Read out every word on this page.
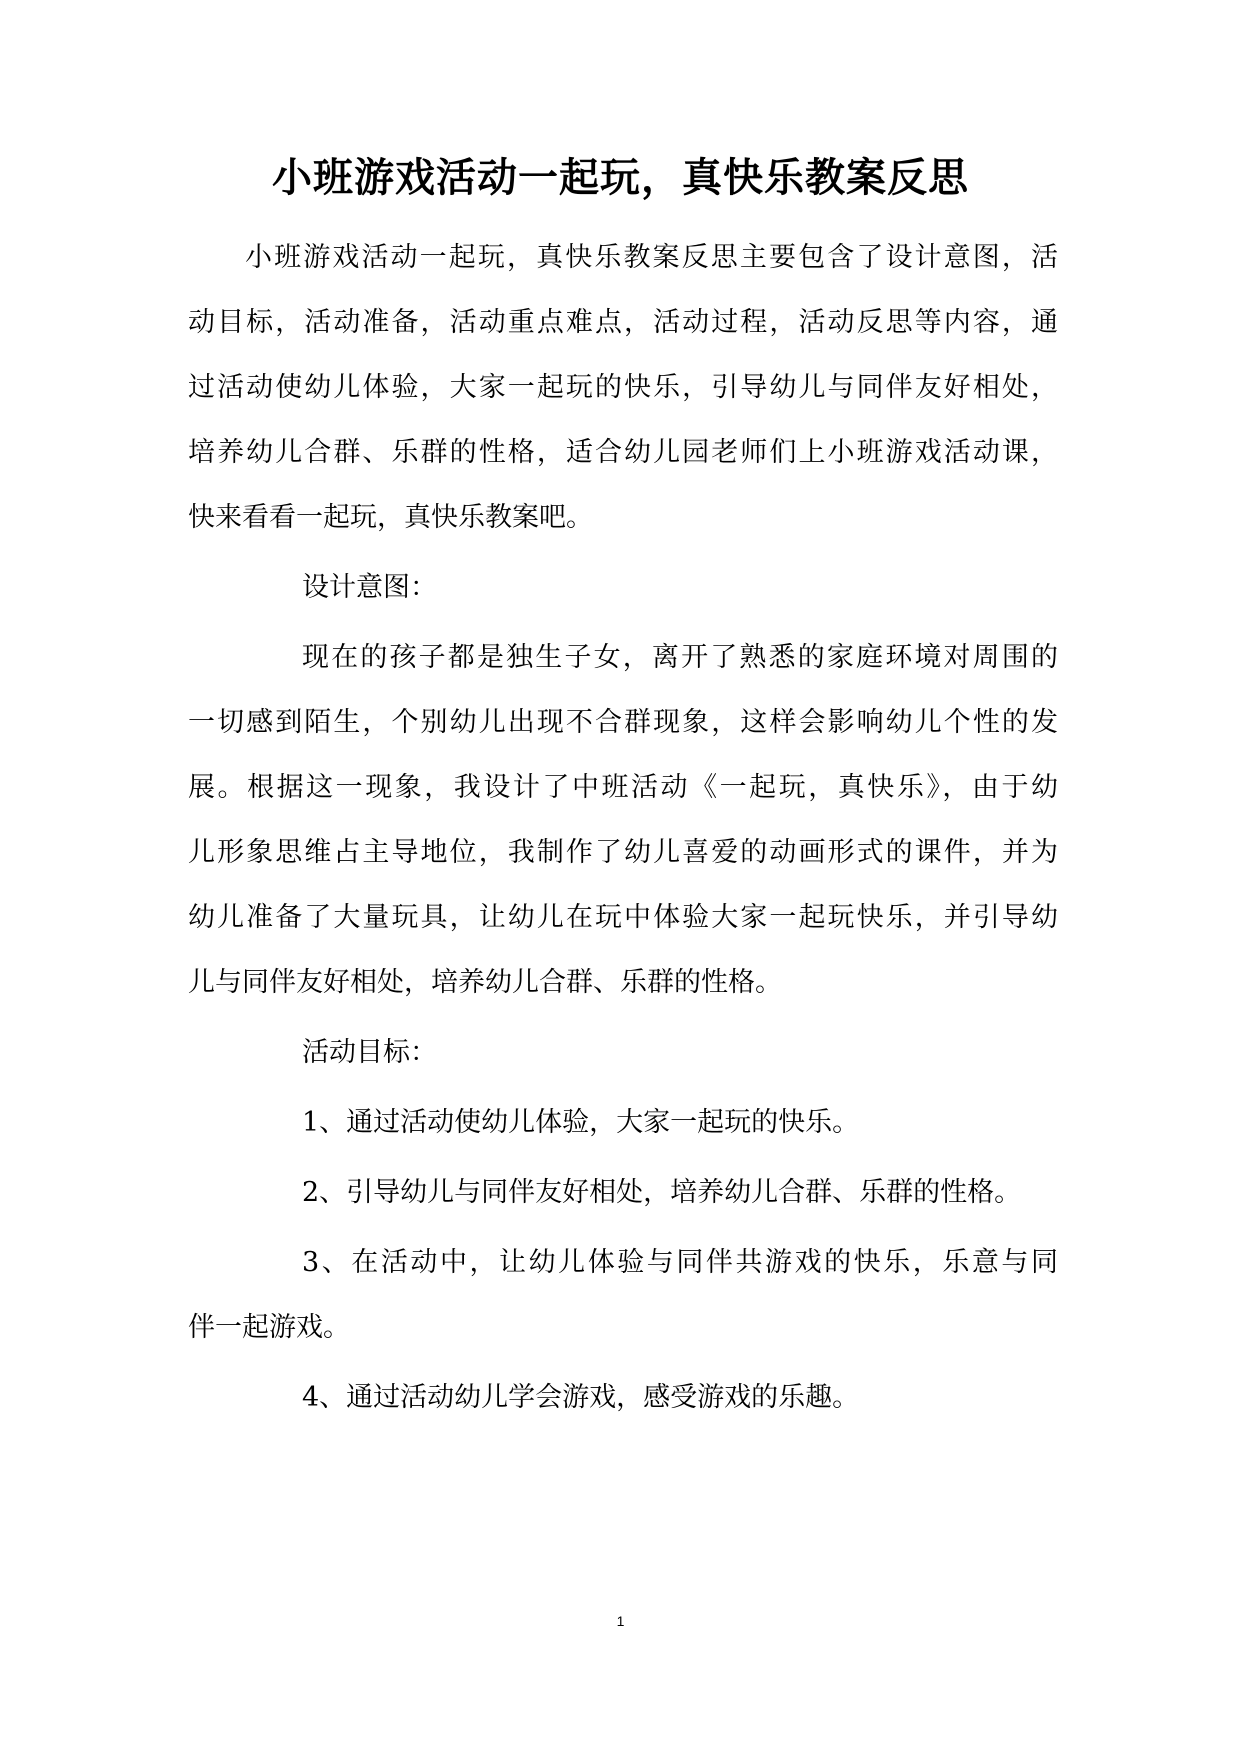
小班游戏活动一起玩，真快乐教案反思

小班游戏活动一起玩，真快乐教案反思主要包含了设计意图，活

动目标，活动准备，活动重点难点，活动过程，活动反思等内容，通

过活动使幼儿体验，大家一起玩的快乐，引导幼儿与同伴友好相处，

培养幼儿合群、乐群的性格，适合幼儿园老师们上小班游戏活动课，

快来看看一起玩，真快乐教案吧。

设计意图：

现在的孩子都是独生子女，离开了熟悉的家庭环境对周围的

一切感到陌生，个别幼儿出现不合群现象，这样会影响幼儿个性的发

展。根据这一现象，我设计了中班活动《一起玩，真快乐》，由于幼

儿形象思维占主导地位，我制作了幼儿喜爱的动画形式的课件，并为

幼儿准备了大量玩具，让幼儿在玩中体验大家一起玩快乐，并引导幼

儿与同伴友好相处，培养幼儿合群、乐群的性格。

活动目标：

1、通过活动使幼儿体验，大家一起玩的快乐。

2、引导幼儿与同伴友好相处，培养幼儿合群、乐群的性格。

3、在活动中，让幼儿体验与同伴共游戏的快乐，乐意与同

伴一起游戏。

4、通过活动幼儿学会游戏，感受游戏的乐趣。

1
